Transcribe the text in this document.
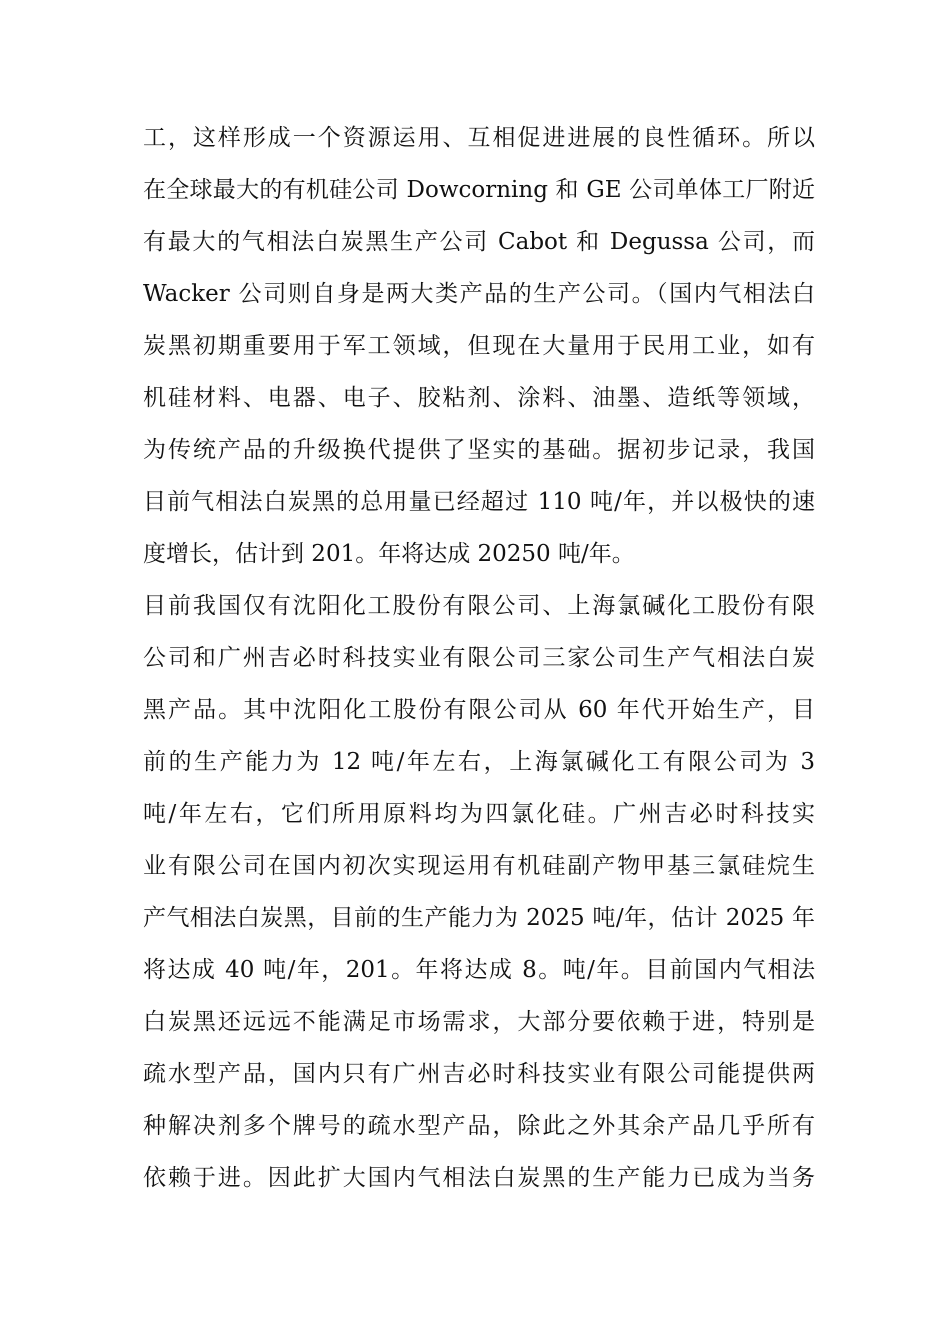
工，这样形成一个资源运用、互相促进进展的良性循环。所以
在全球最大的有机硅公司 Dowcorning 和 GE 公司单体工厂附近
有最大的气相法白炭黑生产公司 Cabot 和 Degussa 公司，而
Wacker 公司则自身是两大类产品的生产公司。（国内气相法白
炭黑初期重要用于军工领域，但现在大量用于民用工业，如有
机硅材料、电器、电子、胶粘剂、涂料、油墨、造纸等领域，
为传统产品的升级换代提供了坚实的基础。据初步记录，我国
目前气相法白炭黑的总用量已经超过 110 吨/年，并以极快的速
度增长，估计到 201。年将达成 20250 吨/年。
目前我国仅有沈阳化工股份有限公司、上海氯碱化工股份有限
公司和广州吉必时科技实业有限公司三家公司生产气相法白炭
黑产品。其中沈阳化工股份有限公司从 60 年代开始生产，目
前的生产能力为 12 吨/年左右，上海氯碱化工有限公司为 3
吨/年左右，它们所用原料均为四氯化硅。广州吉必时科技实
业有限公司在国内初次实现运用有机硅副产物甲基三氯硅烷生
产气相法白炭黑，目前的生产能力为 2025 吨/年，估计 2025 年
将达成 40 吨/年，201。年将达成 8。吨/年。目前国内气相法
白炭黑还远远不能满足市场需求，大部分要依赖于进，特别是
疏水型产品，国内只有广州吉必时科技实业有限公司能提供两
种解决剂多个牌号的疏水型产品，除此之外其余产品几乎所有
依赖于进。因此扩大国内气相法白炭黑的生产能力已成为当务
